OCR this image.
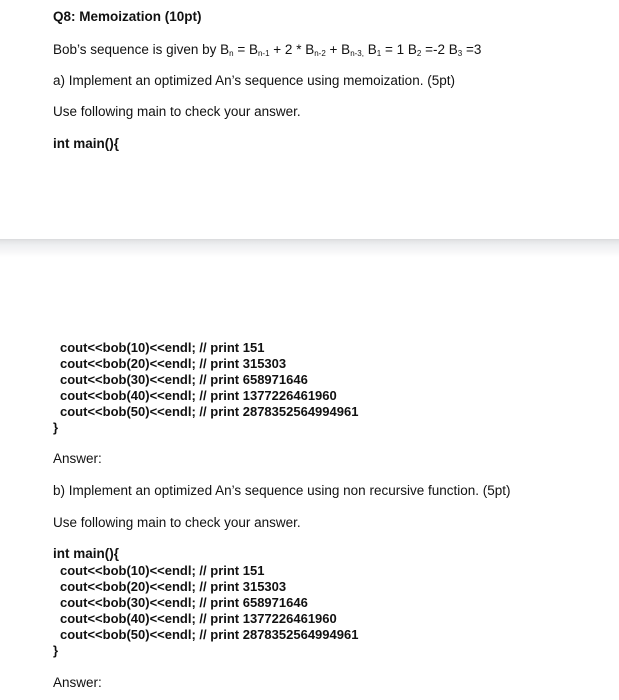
Q8: Memoization (10pt)
Bob’s sequence is given by $B_n = B_{n-1} + 2 * B_{n-2} + B_{n-3,}$ $B_1 = 1$ $B_2 =-2$ $B_3 =3$
a) Implement an optimized An’s sequence using memoization. (5pt)
Use following main to check your answer.
int main(){
cout<<bob(10)<<endl; // print 151
cout<<bob(20)<<endl; // print 315303
cout<<bob(30)<<endl; // print 658971646
cout<<bob(40)<<endl; // print 1377226461960
cout<<bob(50)<<endl; // print 2878352564994961
}
Answer:
b) Implement an optimized An’s sequence using non recursive function. (5pt)
Use following main to check your answer.
int main(){
cout<<bob(10)<<endl; // print 151
cout<<bob(20)<<endl; // print 315303
cout<<bob(30)<<endl; // print 658971646
cout<<bob(40)<<endl; // print 1377226461960
cout<<bob(50)<<endl; // print 2878352564994961
}
Answer:
